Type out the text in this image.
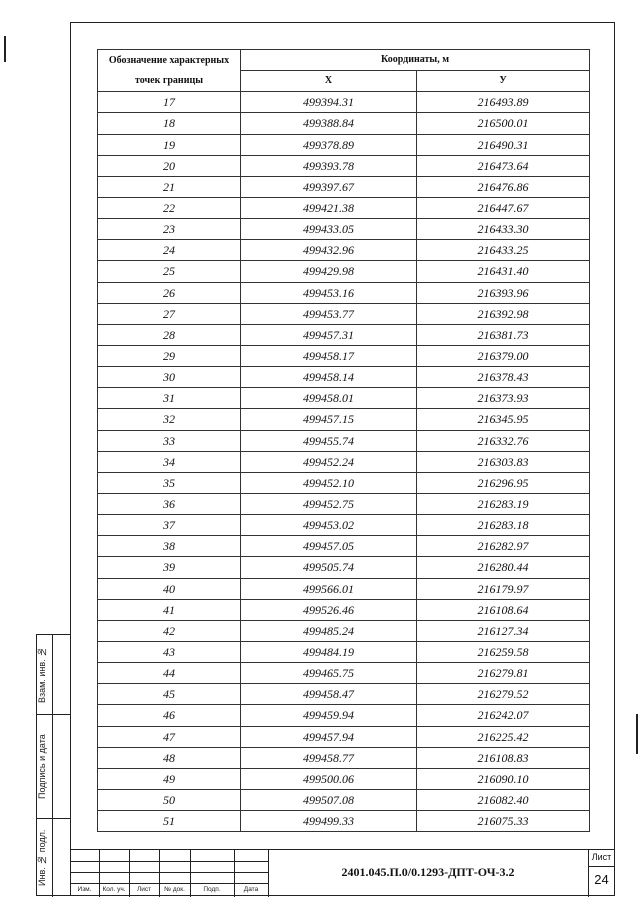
Обозначение характерных точек границы	Координаты, м	
	X	У
17	499394.31	216493.89
18	499388.84	216500.01
19	499378.89	216490.31
20	499393.78	216473.64
21	499397.67	216476.86
22	499421.38	216447.67
23	499433.05	216433.30
24	499432.96	216433.25
25	499429.98	216431.40
26	499453.16	216393.96
27	499453.77	216392.98
28	499457.31	216381.73
29	499458.17	216379.00
30	499458.14	216378.43
31	499458.01	216373.93
32	499457.15	216345.95
33	499455.74	216332.76
34	499452.24	216303.83
35	499452.10	216296.95
36	499452.75	216283.19
37	499453.02	216283.18
38	499457.05	216282.97
39	499505.74	216280.44
40	499566.01	216179.97
41	499526.46	216108.64
42	499485.24	216127.34
43	499484.19	216259.58
44	499465.75	216279.81
45	499458.47	216279.52
46	499459.94	216242.07
47	499457.94	216225.42
48	499458.77	216108.83
49	499500.06	216090.10
50	499507.08	216082.40
51	499499.33	216075.33
Взам. инв. №
Подпись и дата
Инв. № подл.
Изм.	Кол. уч.	Лист	№ док.	Подп.	Дата
2401.045.П.0/0.1293-ДПТ-ОЧ-3.2
Лист
24
